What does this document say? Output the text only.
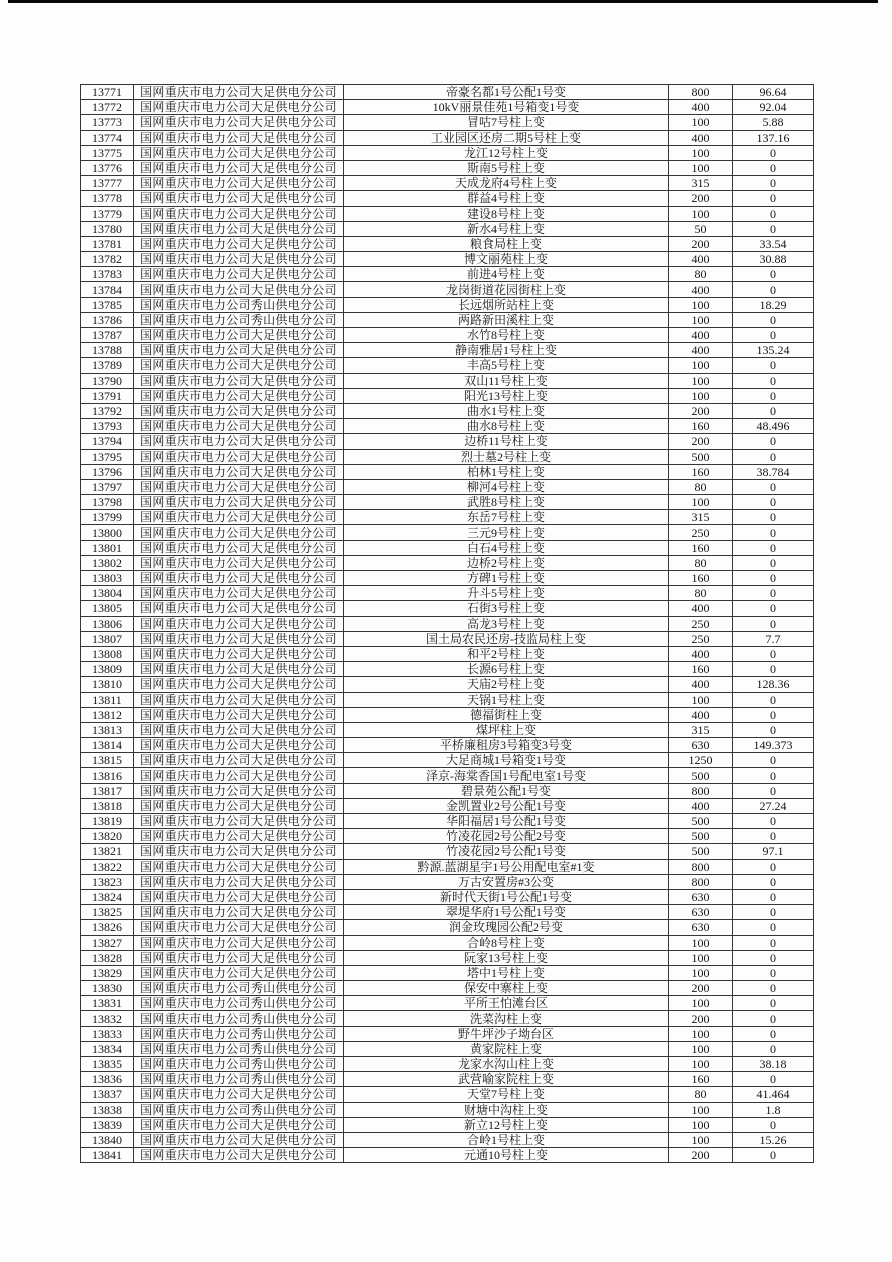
13771	国网重庆市电力公司大足供电分公司	帝豪名都1号公配1号变	800	96.64
13772	国网重庆市电力公司大足供电分公司	10kV丽景佳苑1号箱变1号变	400	92.04
13773	国网重庆市电力公司大足供电分公司	冒咕7号柱上变	100	5.88
13774	国网重庆市电力公司大足供电分公司	工业园区还房二期5号柱上变	400	137.16
13775	国网重庆市电力公司大足供电分公司	龙江12号柱上变	100	0
13776	国网重庆市电力公司大足供电分公司	斯南5号柱上变	100	0
13777	国网重庆市电力公司大足供电分公司	天成龙府4号柱上变	315	0
13778	国网重庆市电力公司大足供电分公司	群益4号柱上变	200	0
13779	国网重庆市电力公司大足供电分公司	建设8号柱上变	100	0
13780	国网重庆市电力公司大足供电分公司	新水4号柱上变	50	0
13781	国网重庆市电力公司大足供电分公司	粮食局柱上变	200	33.54
13782	国网重庆市电力公司大足供电分公司	博文丽苑柱上变	400	30.88
13783	国网重庆市电力公司大足供电分公司	前进4号柱上变	80	0
13784	国网重庆市电力公司大足供电分公司	龙岗街道花园街柱上变	400	0
13785	国网重庆市电力公司秀山供电分公司	长远烟所站柱上变	100	18.29
13786	国网重庆市电力公司秀山供电分公司	两路新田溪柱上变	100	0
13787	国网重庆市电力公司大足供电分公司	水竹8号柱上变	400	0
13788	国网重庆市电力公司大足供电分公司	静南雅居1号柱上变	400	135.24
13789	国网重庆市电力公司大足供电分公司	丰高5号柱上变	100	0
13790	国网重庆市电力公司大足供电分公司	双山11号柱上变	100	0
13791	国网重庆市电力公司大足供电分公司	阳光13号柱上变	100	0
13792	国网重庆市电力公司大足供电分公司	曲水1号柱上变	200	0
13793	国网重庆市电力公司大足供电分公司	曲水8号柱上变	160	48.496
13794	国网重庆市电力公司大足供电分公司	边桥11号柱上变	200	0
13795	国网重庆市电力公司大足供电分公司	烈士墓2号柱上变	500	0
13796	国网重庆市电力公司大足供电分公司	柏林1号柱上变	160	38.784
13797	国网重庆市电力公司大足供电分公司	柳河4号柱上变	80	0
13798	国网重庆市电力公司大足供电分公司	武胜8号柱上变	100	0
13799	国网重庆市电力公司大足供电分公司	东岳7号柱上变	315	0
13800	国网重庆市电力公司大足供电分公司	三元9号柱上变	250	0
13801	国网重庆市电力公司大足供电分公司	白石4号柱上变	160	0
13802	国网重庆市电力公司大足供电分公司	边桥2号柱上变	80	0
13803	国网重庆市电力公司大足供电分公司	方碑1号柱上变	160	0
13804	国网重庆市电力公司大足供电分公司	升斗5号柱上变	80	0
13805	国网重庆市电力公司大足供电分公司	石街3号柱上变	400	0
13806	国网重庆市电力公司大足供电分公司	高龙3号柱上变	250	0
13807	国网重庆市电力公司大足供电分公司	国土局农民还房-技监局柱上变	250	7.7
13808	国网重庆市电力公司大足供电分公司	和平2号柱上变	400	0
13809	国网重庆市电力公司大足供电分公司	长源6号柱上变	160	0
13810	国网重庆市电力公司大足供电分公司	天庙2号柱上变	400	128.36
13811	国网重庆市电力公司大足供电分公司	天锅1号柱上变	100	0
13812	国网重庆市电力公司大足供电分公司	德福街柱上变	400	0
13813	国网重庆市电力公司大足供电分公司	煤坪柱上变	315	0
13814	国网重庆市电力公司大足供电分公司	平桥廉租房3号箱变3号变	630	149.373
13815	国网重庆市电力公司大足供电分公司	大足商城1号箱变1号变	1250	0
13816	国网重庆市电力公司大足供电分公司	泽京-海棠香国1号配电室1号变	500	0
13817	国网重庆市电力公司大足供电分公司	碧景苑公配1号变	800	0
13818	国网重庆市电力公司大足供电分公司	金凯置业2号公配1号变	400	27.24
13819	国网重庆市电力公司大足供电分公司	华阳福居1号公配1号变	500	0
13820	国网重庆市电力公司大足供电分公司	竹凌花园2号公配2号变	500	0
13821	国网重庆市电力公司大足供电分公司	竹凌花园2号公配1号变	500	97.1
13822	国网重庆市电力公司大足供电分公司	黔源.蓝湖星宇1号公用配电室#1变	800	0
13823	国网重庆市电力公司大足供电分公司	万古安置房#3公变	800	0
13824	国网重庆市电力公司大足供电分公司	新时代天街1号公配1号变	630	0
13825	国网重庆市电力公司大足供电分公司	翠堤华府1号公配1号变	630	0
13826	国网重庆市电力公司大足供电分公司	润金玫瑰园公配2号变	630	0
13827	国网重庆市电力公司大足供电分公司	合岭8号柱上变	100	0
13828	国网重庆市电力公司大足供电分公司	阮家13号柱上变	100	0
13829	国网重庆市电力公司大足供电分公司	塔中1号柱上变	100	0
13830	国网重庆市电力公司秀山供电分公司	保安中寨柱上变	200	0
13831	国网重庆市电力公司秀山供电分公司	平所王怕滩台区	100	0
13832	国网重庆市电力公司秀山供电分公司	洗菜沟柱上变	200	0
13833	国网重庆市电力公司秀山供电分公司	野牛坪沙子坳台区	100	0
13834	国网重庆市电力公司秀山供电分公司	黄家院柱上变	100	0
13835	国网重庆市电力公司秀山供电分公司	龙家水沟山柱上变	100	38.18
13836	国网重庆市电力公司秀山供电分公司	武营喻家院柱上变	160	0
13837	国网重庆市电力公司大足供电分公司	天堂7号柱上变	80	41.464
13838	国网重庆市电力公司秀山供电分公司	财塘中沟柱上变	100	1.8
13839	国网重庆市电力公司大足供电分公司	新立12号柱上变	100	0
13840	国网重庆市电力公司大足供电分公司	合岭1号柱上变	100	15.26
13841	国网重庆市电力公司大足供电分公司	元通10号柱上变	200	0
